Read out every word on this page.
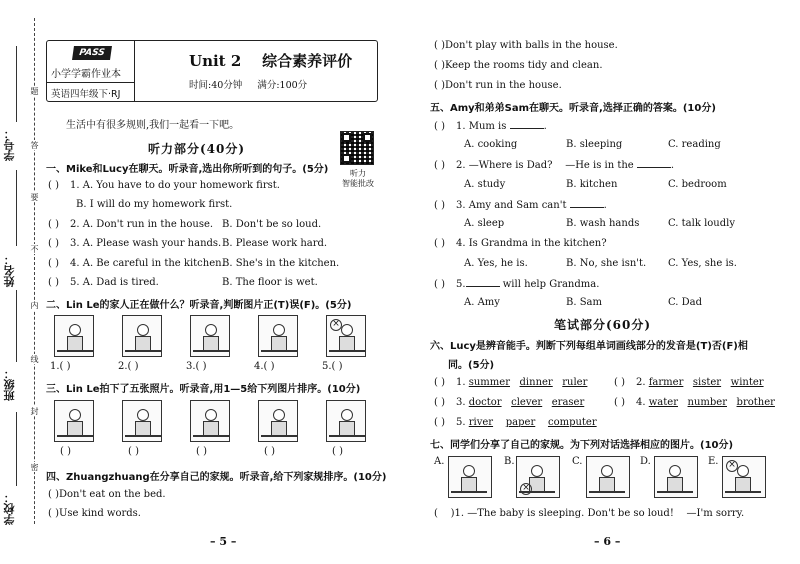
学号：
姓名：
班级：
学校：
题
答
要
不
内
线
封
密
PASS
小学学霸作业本
英语四年级下·RJ
Unit 2    综合素养评价
时间:40分钟 满分:100分
生活中有很多规则,我们一起看一下吧。
听力
智能批改
听力部分(40分)
一、Mike和Lucy在聊天。听录音,选出你所听到的句子。(5分)
( ) 1. A. You have to do your homework first.
B. I will do my homework first.
( ) 2. A. Don't run in the house. B. Don't be so loud.
( ) 3. A. Please wash your hands. B. Please work hard.
( ) 4. A. Be careful in the kitchen.
B. She's in the kitchen.
( ) 5. A. Dad is tired.	B. The floor is wet.
二、Lin Le的家人正在做什么？听录音,判断图片正(T)误(F)。(5分)
×
1.( )	2.( )	3.( )	4.( )	5.( )
三、Lin Le拍下了五张照片。听录音,用1—5给下列图片排序。(10分)
( )	( )	( )	( )	( )
四、Zhuangzhuang在分享自己的家规。听录音,给下列家规排序。(10分)
( )Don't eat on the bed.
( )Use kind words.
– 5 –
( )Don't play with balls in the house.
( )Keep the rooms tidy and clean.
( )Don't run in the house.
五、Amy和弟弟Sam在聊天。听录音,选择正确的答案。(10分)
( ) 1. Mum is	.
A. cooking	B. sleeping	C. reading
( ) 2. —Where is Dad?    —He is in the	.
A. study	B. kitchen	C. bedroom
( ) 3. Amy and Sam can't	.
A. sleep	B. wash hands	C. talk loudly
( ) 4. Is Grandma in the kitchen?
A. Yes, he is.	B. No, she isn't. C. Yes, she is.
( ) 5.	will help Grandma.
A. Amy	B. Sam	C. Dad
笔试部分(60分)
六、Lucy是辨音能手。判断下列每组单词画线部分的发音是(T)否(F)相
同。(5分)
( ) 1. summer dinner ruler	( ) 2. farmer sister winter
( ) 3. doctor clever eraser	( ) 4. water number brother
( ) 5. river paper computer
七、同学们分享了自己的家规。为下列对话选择相应的图片。(10分)
A.	B.
×
C.	D.	E. ×
(    )1. —The baby is sleeping. Don't be so loud!    —I'm sorry.
– 6 –
